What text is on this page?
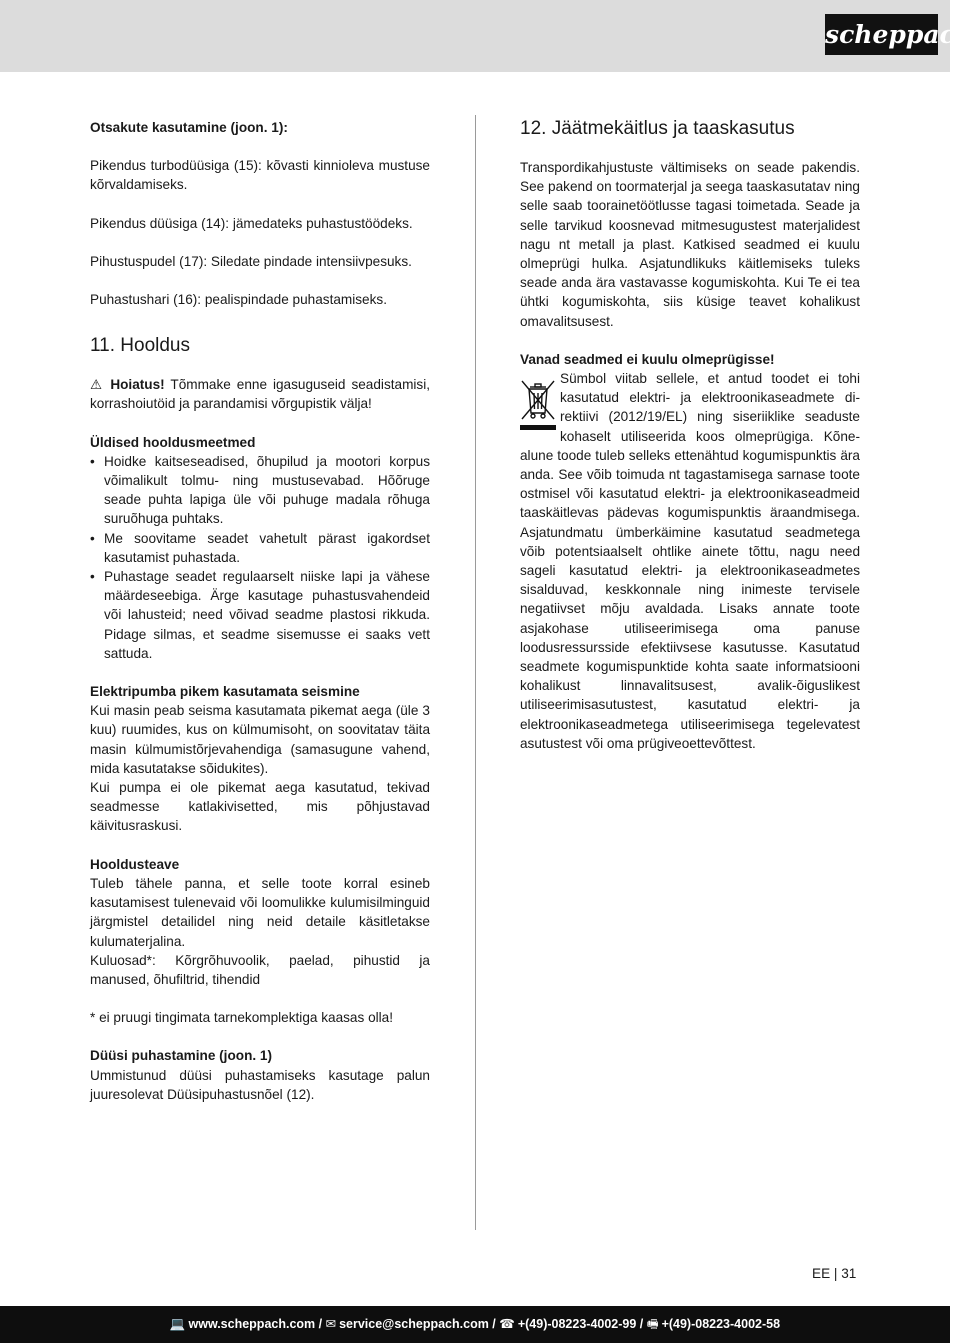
scheppach

Otsakute kasutamine (joon. 1):

Pikendus turbodüüsiga (15): kõvasti kinnioleva mustuse kõrvaldamiseks.

Pikendus düüsiga (14): jämedateks puhastustöödeks.

Pihustuspudel (17): Siledate pindade intensiivpesuks.

Puhastushari (16): pealispindade puhastamiseks.

11. Hooldus

⚠ Hoiatus! Tõmmake enne igasuguseid seadistamisi, korrashoiutöid ja parandamisi võrgupistik välja!

Üldised hooldusmeetmed

• Hoidke kaitseseadised, õhupilud ja mootori korpus võimalikult tolmu- ning mustusevabad. Hõõruge seade puhta lapiga üle või puhuge madala rõhuga suruõhuga puhtaks.
• Me soovitame seadet vahetult pärast igakordset kasutamist puhastada.
• Puhastage seadet regulaarselt niiske lapi ja vähese määrdeseebiga. Ärge kasutage puhastusvahendeid või lahusteid; need võivad seadme plastosi rikkuda. Pidage silmas, et seadme sisemusse ei saaks vett sattuda.

Elektripumba pikem kasutamata seismine

Kui masin peab seisma kasutamata pikemat aega (üle 3 kuu) ruumides, kus on külmumisoht, on soovitatav täita masin külmumistõrjevahendiga (samasugune vahend, mida kasutatakse sõidukites).

Kui pumpa ei ole pikemat aega kasutatud, tekivad seadmesse katlakivisetted, mis põhjustavad käivitusraskusi.

Hooldusteave

Tuleb tähele panna, et selle toote korral esineb kasutamisest tulenevaid või loomulikke kulumisilminguid järgmistel detailidel ning neid detaile käsitletakse kulumaterjalina.

Kuluosad*: Kõrgrõhuvoolik, paelad, pihustid ja manused, õhufiltrid, tihendid

* ei pruugi tingimata tarnekomplektiga kaasas olla!

Düüsi puhastamine (joon. 1)

Ummistunud düüsi puhastamiseks kasutage palun juuresolevat Düüsipuhastusnõel (12).

12. Jäätmekäitlus ja taaskasutus

Transpordikahjustuste vältimiseks on seade pakendis. See pakend on toormaterjal ja seega taaskasutatav ning selle saab toorainetöötlusse tagasi toimetada. Seade ja selle tarvikud koosnevad mitmesugustest materjalidest nagu nt metall ja plast. Katkised seadmed ei kuulu olmeprügi hulka. Asjatundlikuks käitlemiseks tuleks seade anda ära vastavasse kogumiskohta. Kui Te ei tea ühtki kogumiskohta, siis küsige teavet kohalikust omavalitsusest.

Vanad seadmed ei kuulu olmeprügisse!

Sümbol viitab sellele, et antud toodet ei tohi
kasutatud elektri- ja elektroonikaseadmete di-
rektiivi (2012/19/EL) ning siseriiklike seaduste
kohaselt utiliseerida koos olmeprügiga. Kõne-

alune toode tuleb selleks ettenähtud kogumispunktis ära anda. See võib toimuda nt tagastamisega sarnase toote ostmisel või kasutatud elektri- ja elektroonikaseadmeid taaskäitlevas pädevas kogumispunktis äraandmisega. Asjatundmatu ümberkäimine kasutatud seadmetega võib potentsiaalselt ohtlike ainete tõttu, nagu need sageli kasutatud elektri- ja elektroonikaseadmetes sisalduvad, keskkonnale ning inimeste tervisele negatiivset mõju avaldada. Lisaks annate toote asjakohase utiliseerimisega oma panuse loodusressursside efektiivsese kasutusse. Kasutatud seadmete kogumispunktide kohta saate informatsiooni kohalikust linnavalitsusest, avalik-õiguslikest utiliseerimisasutustest, kasutatud elektri- ja elektroonikaseadmetega utiliseerimisega tegelevatest asutustest või oma prügiveoettevõttest.

EE | 31
💻 www.scheppach.com / ✉ service@scheppach.com / ☎ +(49)-08223-4002-99 / 🖷 +(49)-08223-4002-58
